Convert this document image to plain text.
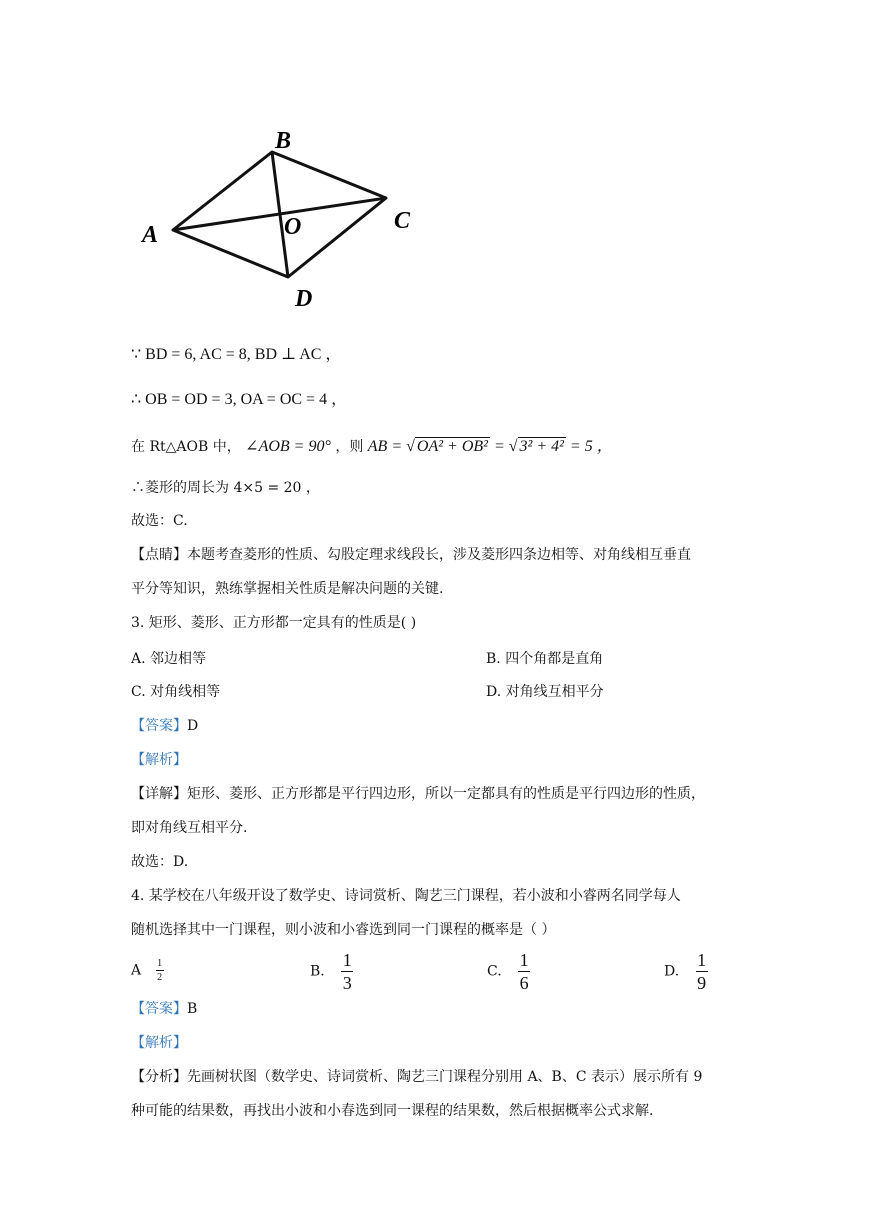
B
A
C
O
D
∵ BD = 6, AC = 8, BD ⊥ AC ，
∴ OB = OD = 3, OA = OC = 4 ，
在 Rt△AOB 中， ∠AOB = 90° ，则 AB = √ OA² + OB² = √ 3² + 4² = 5 ，
∴菱形的周长为 4×5 = 20 ，
故选：C.
【点睛】本题考查菱形的性质、勾股定理求线段长，涉及菱形四条边相等、对角线相互垂直
平分等知识，熟练掌握相关性质是解决问题的关键.
3. 矩形、菱形、正方形都一定具有的性质是( )
A. 邻边相等	B. 四个角都是直角
C. 对角线相等	D. 对角线互相平分
【答案】D
【解析】
【详解】矩形、菱形、正方形都是平行四边形，所以一定都具有的性质是平行四边形的性质，
即对角线互相平分.
故选：D.
4. 某学校在八年级开设了数学史、诗词赏析、陶艺三门课程，若小波和小睿两名同学每人
随机选择其中一门课程，则小波和小睿选到同一门课程的概率是（ ）
A $\frac{1}{2}$	B. $\frac{1}{3}$	C. $\frac{1}{6}$	D. $\frac{1}{9}$
【答案】B
【解析】
【分析】先画树状图（数学史、诗词赏析、陶艺三门课程分别用 A、B、C 表示）展示所有 9
种可能的结果数，再找出小波和小春选到同一课程的结果数，然后根据概率公式求解.
